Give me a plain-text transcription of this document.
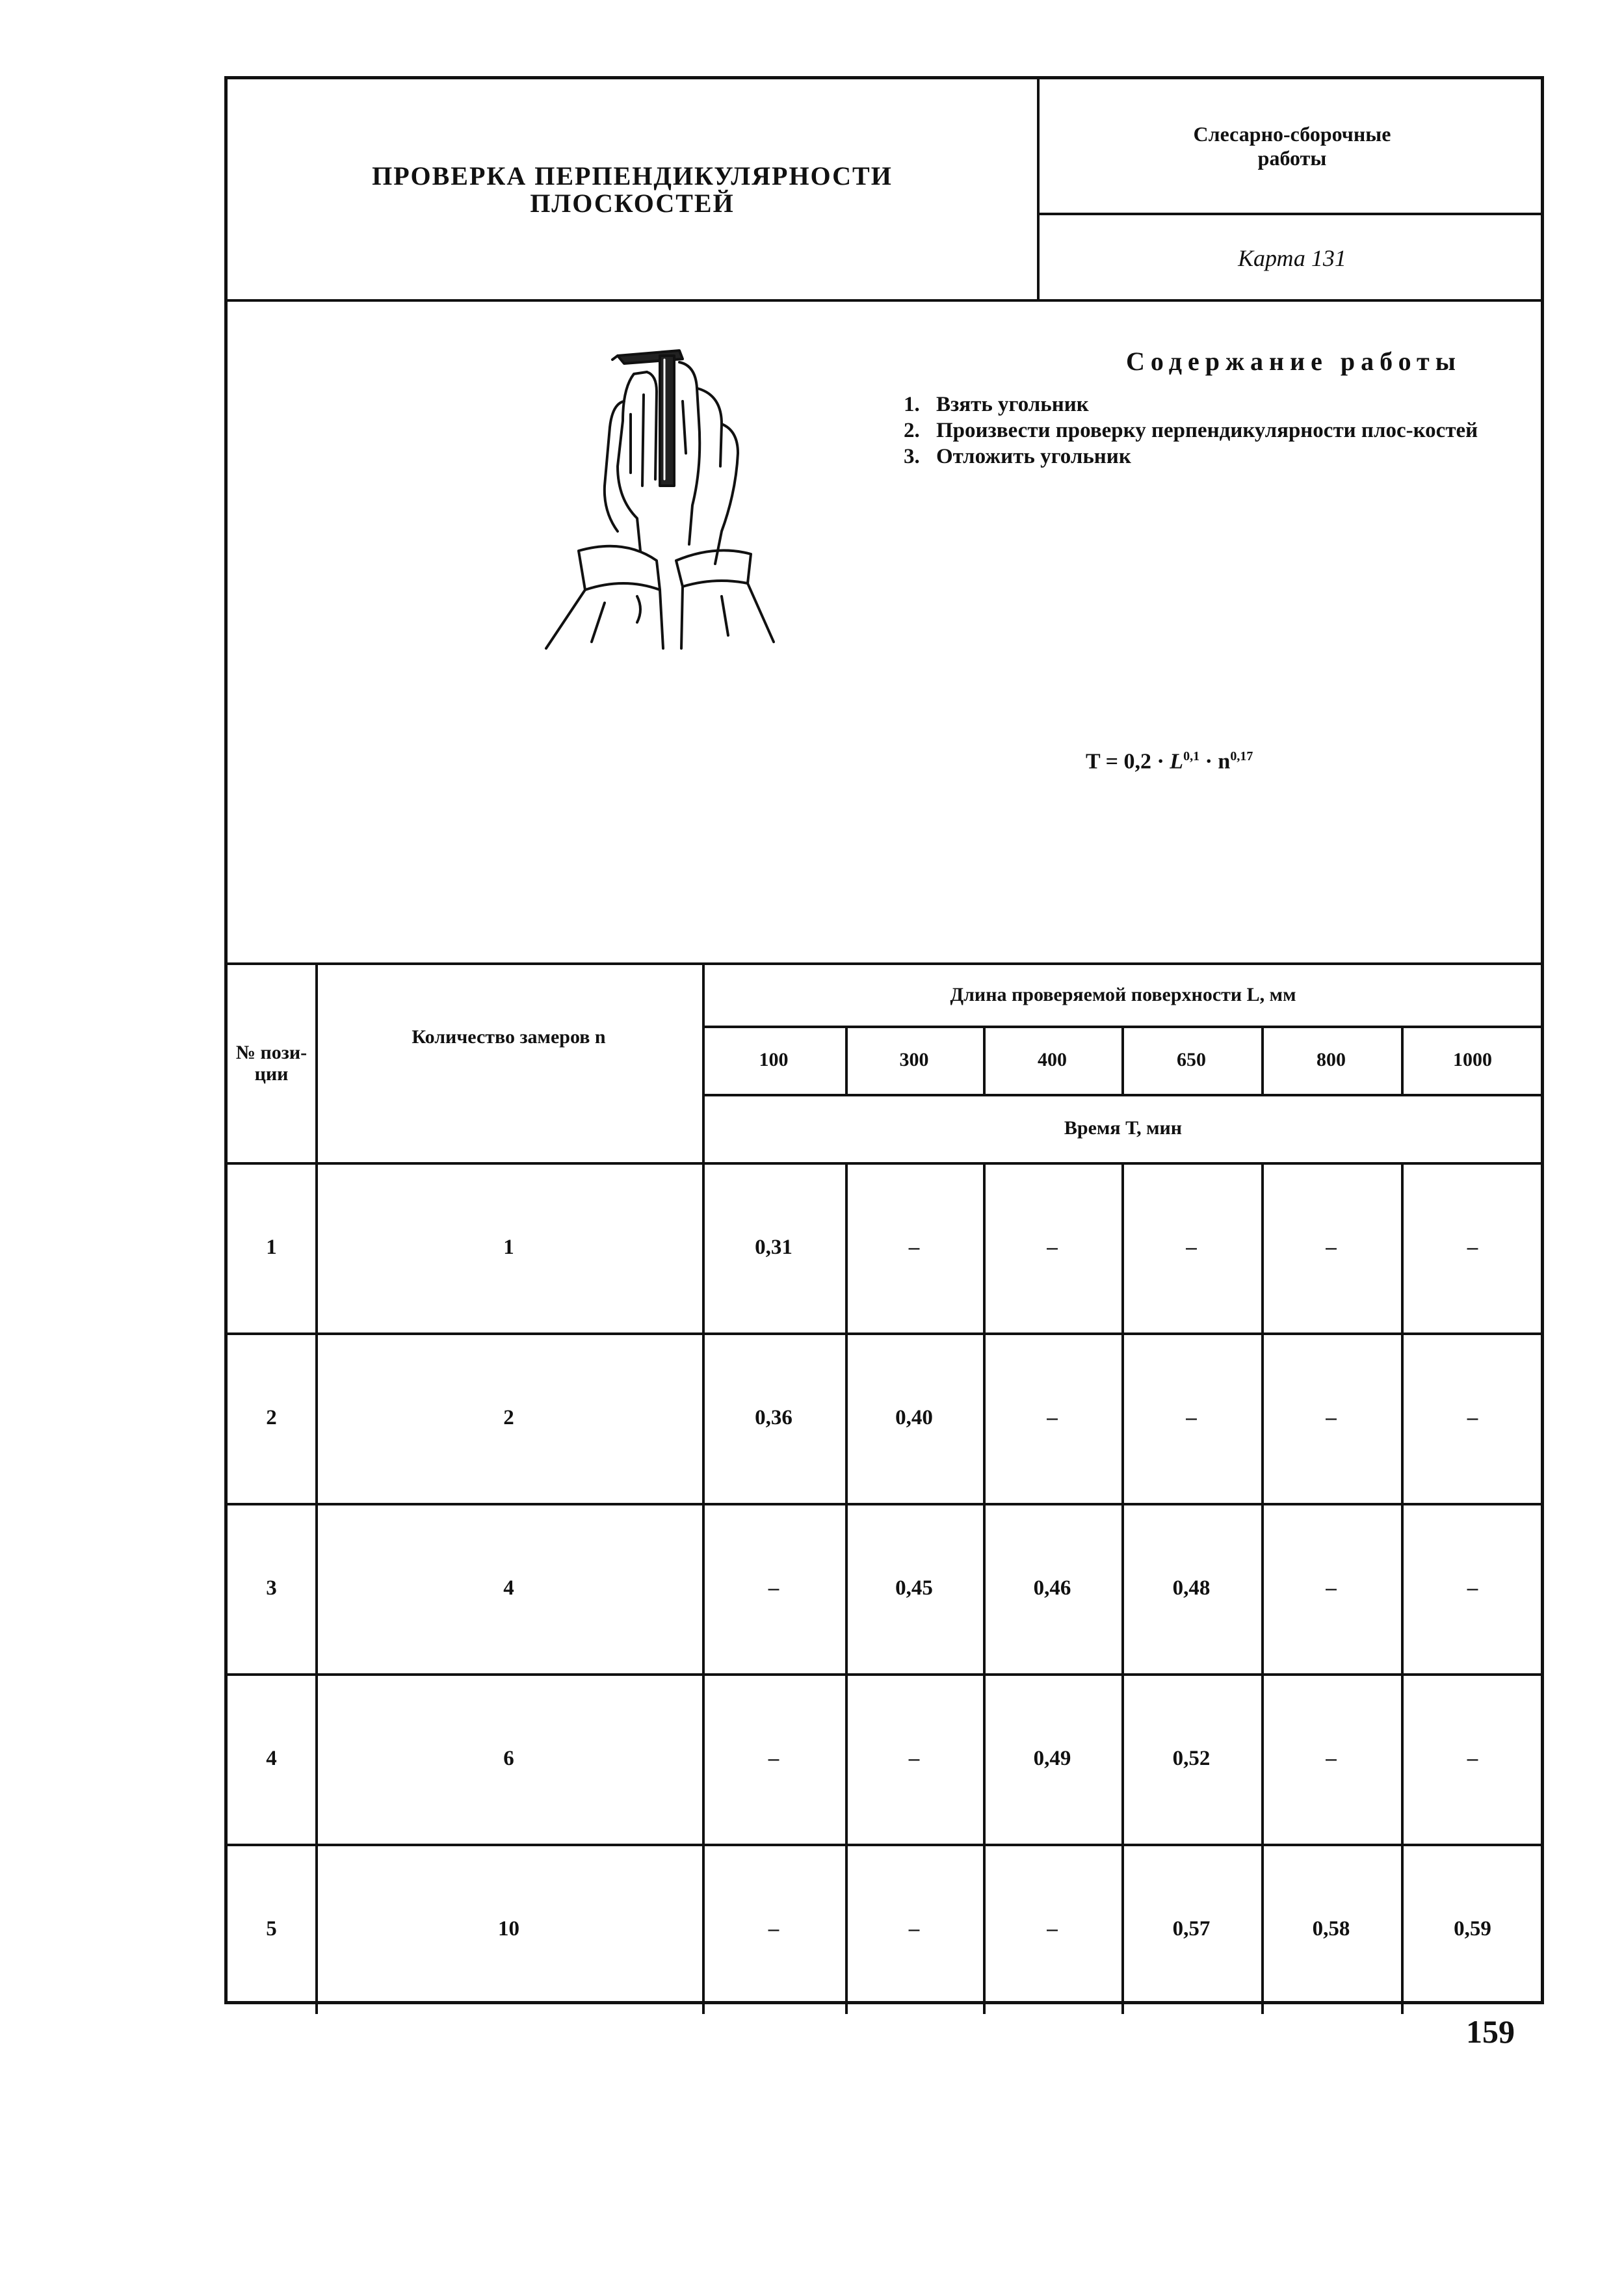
ПРОВЕРКА ПЕРПЕНДИКУЛЯРНОСТИ
ПЛОСКОСТЕЙ
Слесарно-сборочные
работы
Карта 131
Содержание работы
1. Взять угольник
2. Произвести проверку перпендикулярности плос-костей
3. Отложить угольник
$T = 0,2 \cdot L^{0,1} \cdot n^{0,17}$
№ пози-ции
Количество замеров n
Длина проверяемой поверхности L, мм
100	300	400	650	800	1000
Время Т, мин
1	1	0,31	–	–	–	–	–
2	2	0,36	0,40	–	–	–	–
3	4	–	0,45	0,46	0,48	–	–
4	6	–	–	0,49	0,52	–	–
5	10	–	–	–	0,57	0,58	0,59
159
